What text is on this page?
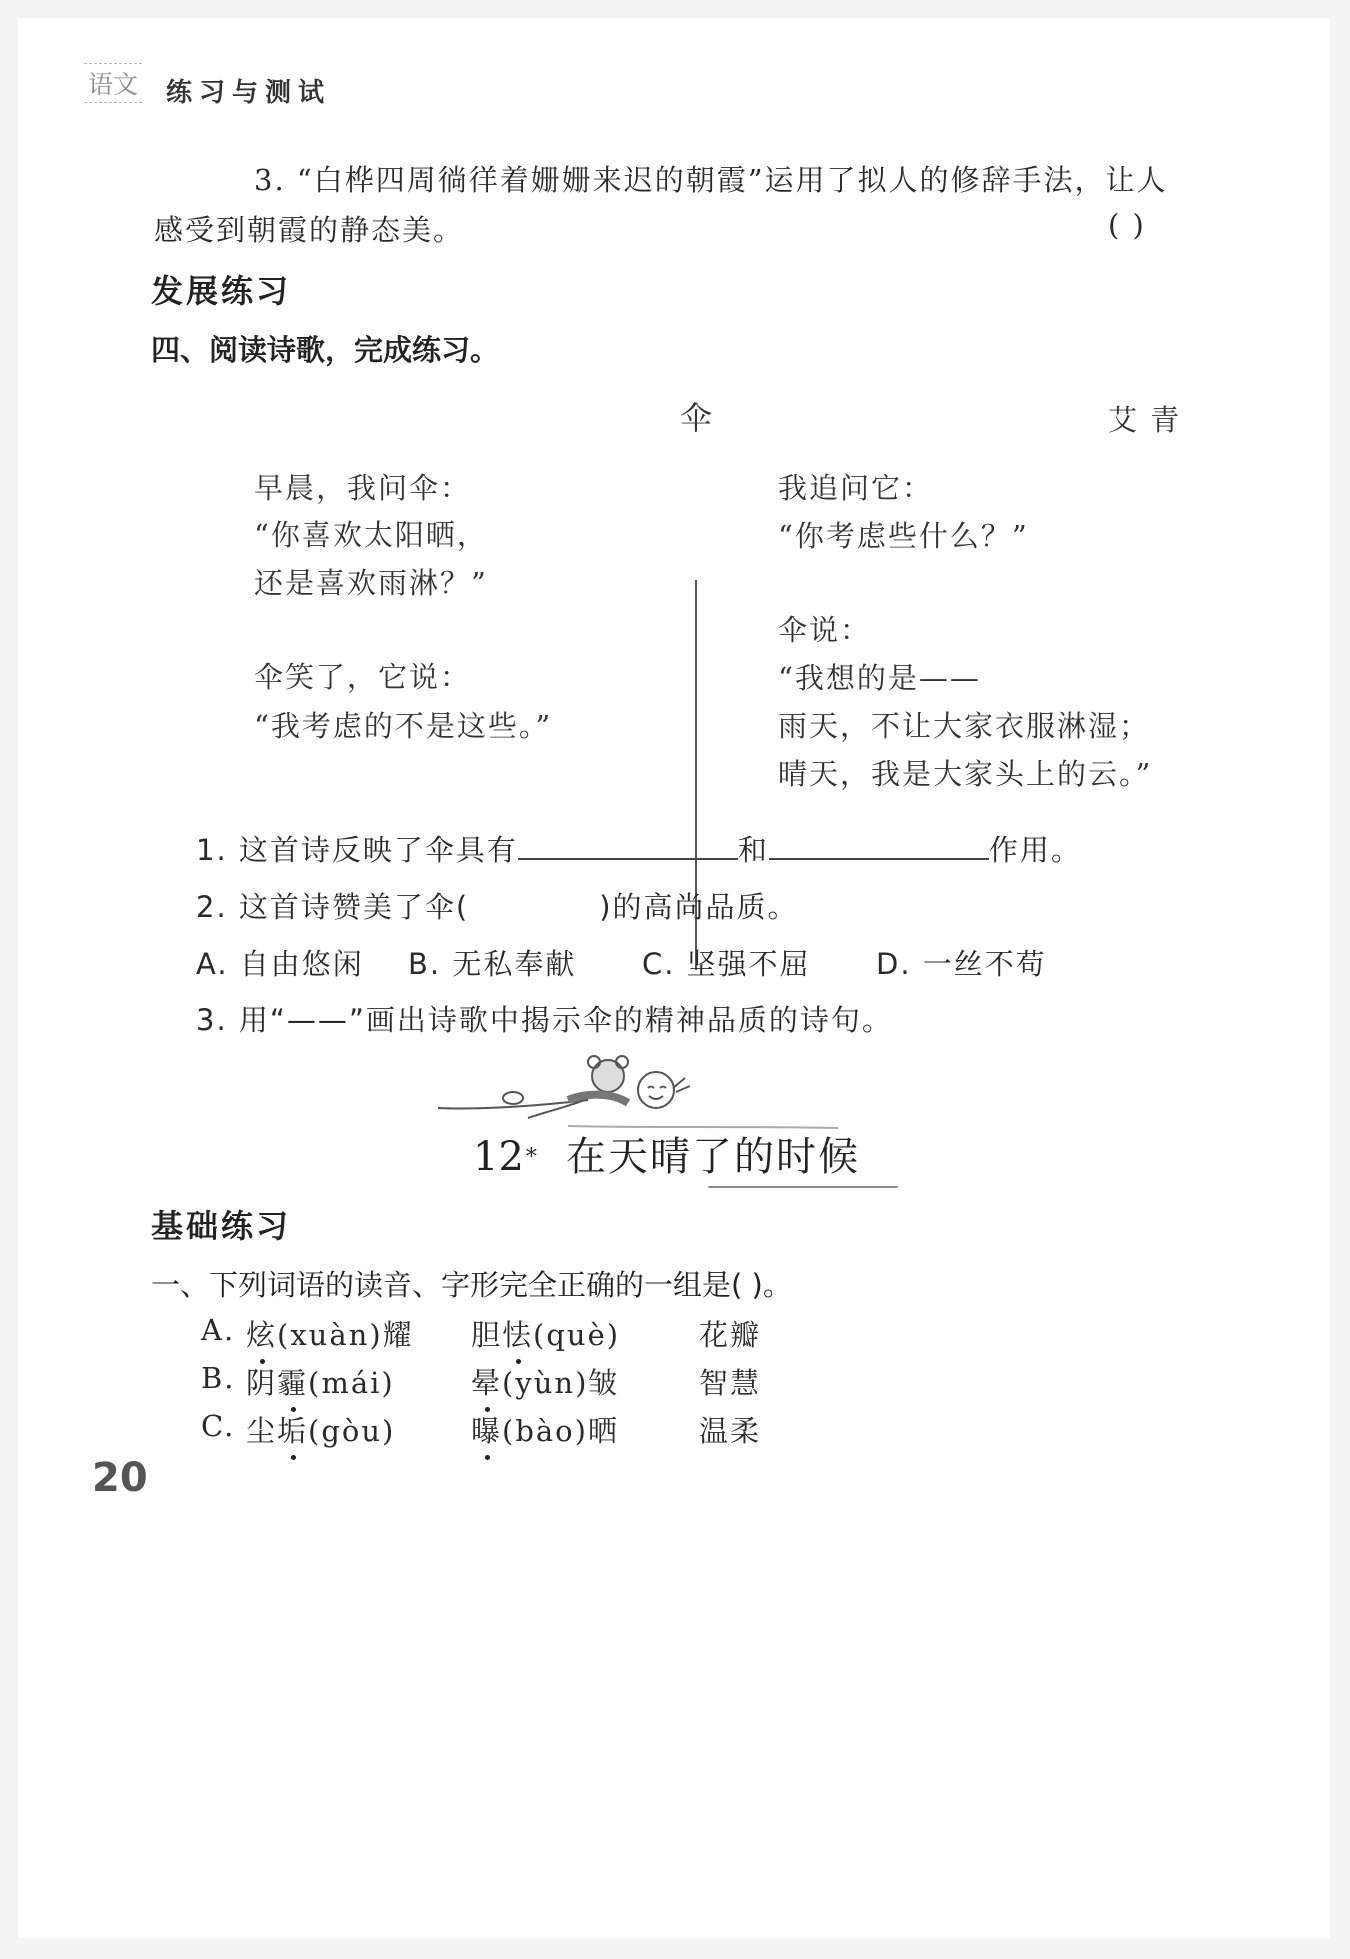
语文 练习与测试
3. “白桦四周徜徉着姗姗来迟的朝霞”运用了拟人的修辞手法，让人
感受到朝霞的静态美。	( )
发展练习
四、阅读诗歌，完成练习。
伞	艾 青
早晨，我问伞：
“你喜欢太阳晒，
还是喜欢雨淋？”
伞笑了，它说：
“我考虑的不是这些。”
我追问它：
“你考虑些什么？”
伞说：
“我想的是——
雨天，不让大家衣服淋湿；
晴天，我是大家头上的云。”
1. 这首诗反映了伞具有	和	作用。
2. 这首诗赞美了伞(	)的高尚品质。
A. 自由悠闲 B. 无私奉献 C. 坚强不屈 D. 一丝不苟
3. 用“——”画出诗歌中揭示伞的精神品质的诗句。
12* 在天晴了的时候
基础练习
一、下列词语的读音、字形完全正确的一组是( )。
A. 炫(xuàn)耀 胆怯(què)	花瓣
B. 阴霾(mái)	晕(yùn)皱	智慧
C. 尘垢(gòu)	曝(bào)晒	温柔
20
